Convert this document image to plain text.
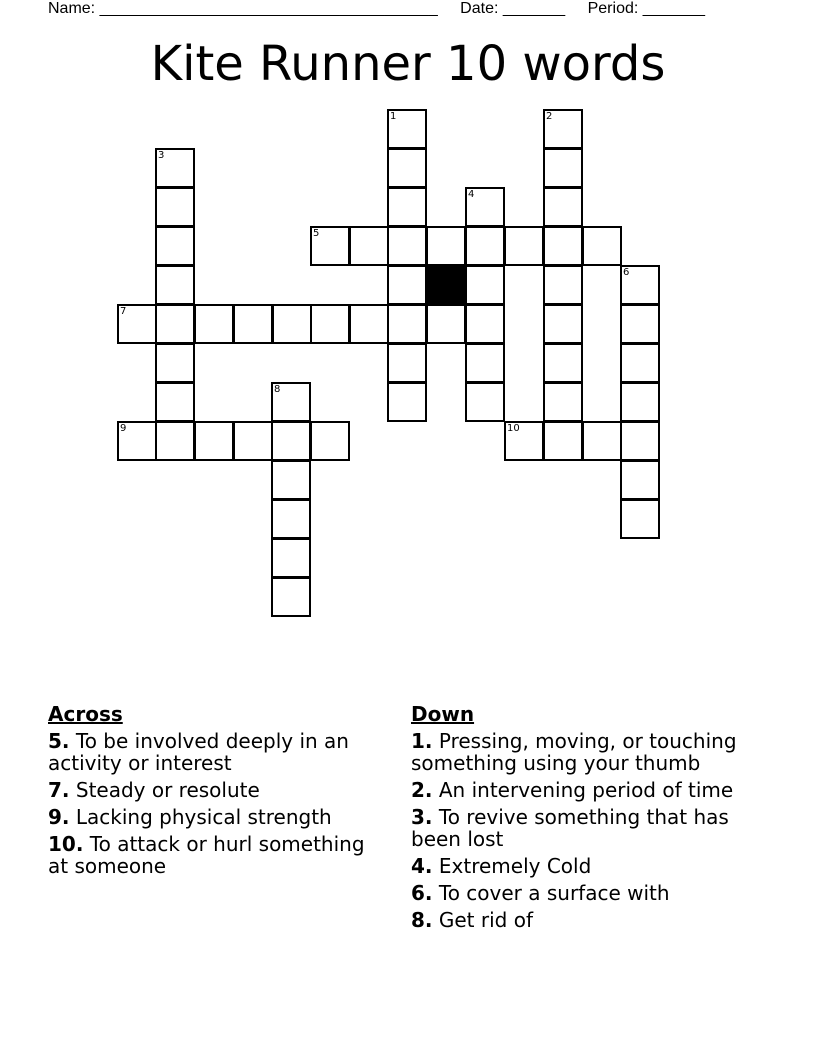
Name: ______________________________________ Date: _______ Period: _______
Kite Runner 10 words
1	2
3
4
5
6
7
8
9	10
Across
5. To be involved deeply in an activity or interest
7. Steady or resolute
9. Lacking physical strength
10. To attack or hurl something at someone
Down
1. Pressing, moving, or touching something using your thumb
2. An intervening period of time
3. To revive something that has been lost
4. Extremely Cold
6. To cover a surface with
8. Get rid of
